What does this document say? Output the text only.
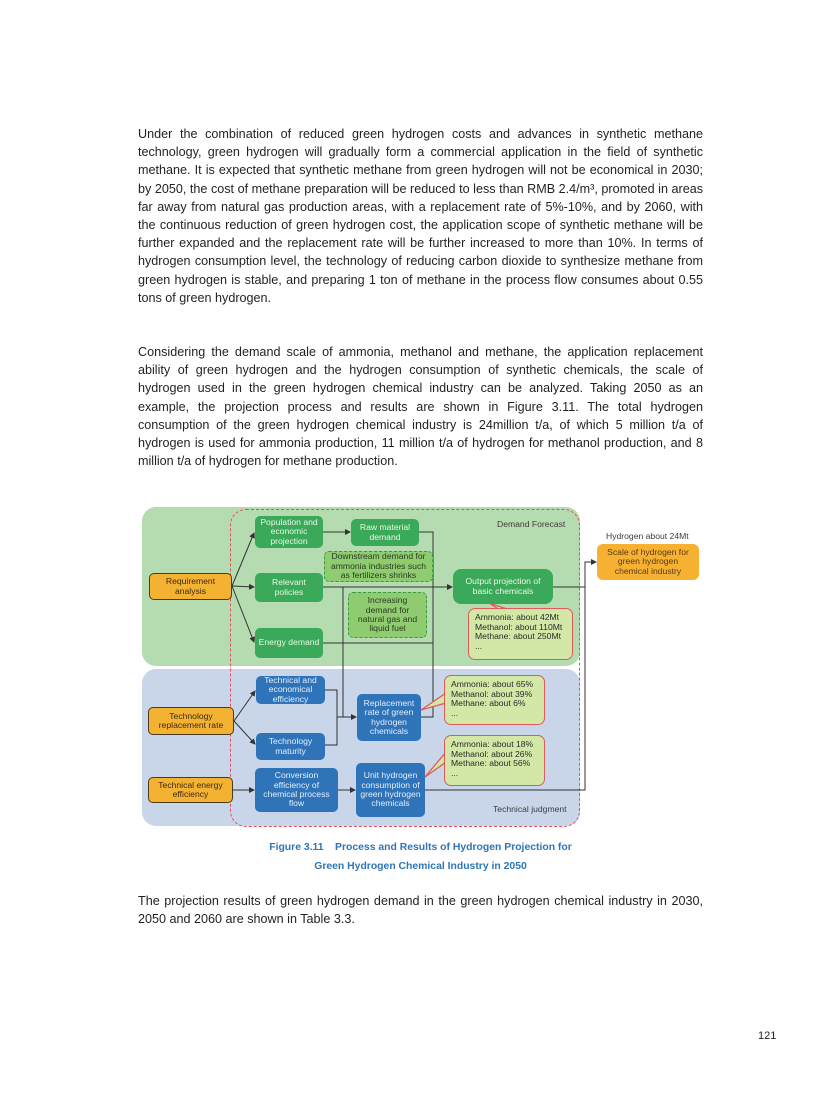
Under the combination of reduced green hydrogen costs and advances in synthetic methane technology, green hydrogen will gradually form a commercial application in the field of synthetic methane. It is expected that synthetic methane from green hydrogen will not be economical in 2030; by 2050, the cost of methane preparation will be reduced to less than RMB 2.4/m³, promoted in areas far away from natural gas production areas, with a replacement rate of 5%-10%, and by 2060, with the continuous reduction of green hydrogen cost, the application scope of synthetic methane will be further expanded and the replacement rate will be further increased to more than 10%. In terms of hydrogen consumption level, the technology of reducing carbon dioxide to synthesize methane from green hydrogen is stable, and preparing 1 ton of methane in the process flow consumes about 0.55 tons of green hydrogen.

Considering the demand scale of ammonia, methanol and methane, the application replacement ability of green hydrogen and the hydrogen consumption of synthetic chemicals, the scale of hydrogen used in the green hydrogen chemical industry can be analyzed. Taking 2050 as an example, the projection process and results are shown in Figure 3.11. The total hydrogen consumption of the green hydrogen chemical industry is 24million t/a, of which 5 million t/a of hydrogen is used for ammonia production, 11 million t/a of hydrogen for methanol production, and 8 million t/a of hydrogen for methane production.

Demand Forecast
Technical judgment
Requirement analysis
Population and economic projection
Raw material demand
Downstream demand for ammonia industries such as fertilizers shrinks
Relevant policies
Increasing demand for natural gas and liquid fuel
Energy demand
Output projection of basic chemicals
Ammonia: about 42Mt
Methanol: about 110Mt
Methane: about 250Mt
...
Hydrogen about 24Mt
Scale of hydrogen for green hydrogen chemical industry
Technical and economical efficiency
Technology replacement rate
Technology maturity
Replacement rate of green hydrogen chemicals
Ammonia: about 65%
Methanol: about 39%
Methane: about 6%
...
Ammonia: about 18%
Methanol: about 26%
Methane: about 56%
...
Technical energy efficiency
Conversion efficiency of chemical process flow
Unit hydrogen consumption of green hydrogen chemicals
Figure 3.11    Process and Results of Hydrogen Projection for
Green Hydrogen Chemical Industry in 2050

The projection results of green hydrogen demand in the green hydrogen chemical industry in 2030, 2050 and 2060 are shown in Table 3.3.

121
